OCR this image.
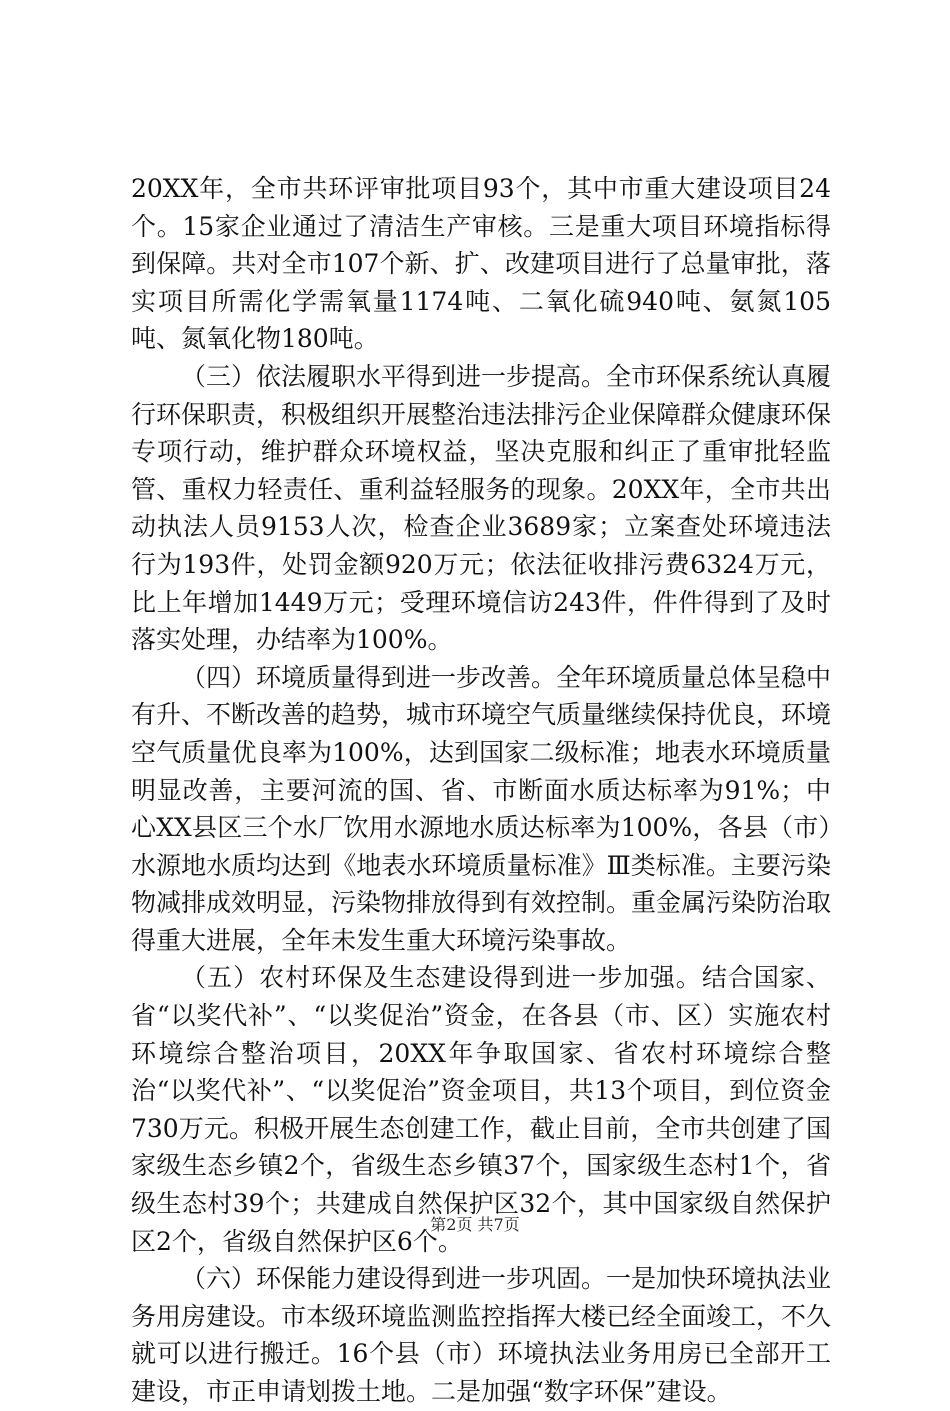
20XX年，全市共环评审批项目93个，其中市重大建设项目24个。15家企业通过了清洁生产审核。三是重大项目环境指标得到保障。共对全市107个新、扩、改建项目进行了总量审批，落实项目所需化学需氧量1174吨、二氧化硫940吨、氨氮105吨、氮氧化物180吨。

（三）依法履职水平得到进一步提高。全市环保系统认真履行环保职责，积极组织开展整治违法排污企业保障群众健康环保专项行动，维护群众环境权益，坚决克服和纠正了重审批轻监管、重权力轻责任、重利益轻服务的现象。20XX年，全市共出动执法人员9153人次，检查企业3689家；立案查处环境违法行为193件，处罚金额920万元；依法征收排污费6324万元，比上年增加1449万元；受理环境信访243件，件件得到了及时落实处理，办结率为100%。

（四）环境质量得到进一步改善。全年环境质量总体呈稳中有升、不断改善的趋势，城市环境空气质量继续保持优良，环境空气质量优良率为100%，达到国家二级标准；地表水环境质量明显改善，主要河流的国、省、市断面水质达标率为91%；中心XX县区三个水厂饮用水源地水质达标率为100%，各县（市）水源地水质均达到《地表水环境质量标准》Ⅲ类标准。主要污染物减排成效明显，污染物排放得到有效控制。重金属污染防治取得重大进展，全年未发生重大环境污染事故。

（五）农村环保及生态建设得到进一步加强。结合国家、省“以奖代补”、“以奖促治”资金，在各县（市、区）实施农村环境综合整治项目，20XX年争取国家、省农村环境综合整治“以奖代补”、“以奖促治”资金项目，共13个项目，到位资金730万元。积极开展生态创建工作，截止目前，全市共创建了国家级生态乡镇2个，省级生态乡镇37个，国家级生态村1个，省级生态村39个；共建成自然保护区32个，其中国家级自然保护区2个，省级自然保护区6个。

（六）环保能力建设得到进一步巩固。一是加快环境执法业务用房建设。市本级环境监测监控指挥大楼已经全面竣工，不久就可以进行搬迁。16个县（市）环境执法业务用房已全部开工建设，市正申请划拨土地。二是加强“数字环保”建设。

第2页 共7页
